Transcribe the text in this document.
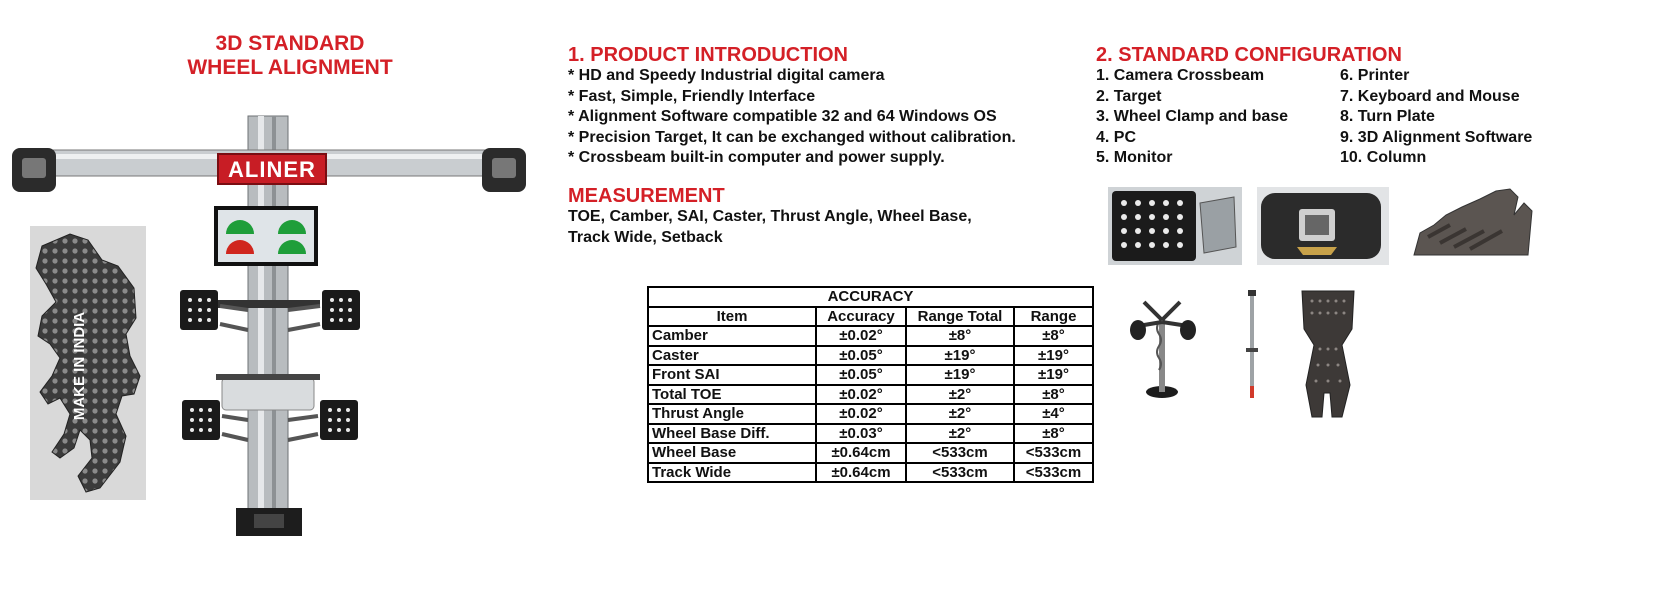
3D STANDARD
WHEEL ALIGNMENT
MAKE IN INDIA
ALINER
1. PRODUCT INTRODUCTION
* HD and Speedy Industrial digital camera
* Fast, Simple, Friendly Interface
* Alignment Software compatible 32 and 64 Windows OS
* Precision Target, It can be exchanged without calibration.
* Crossbeam built-in computer and power supply.
MEASUREMENT
TOE, Camber, SAI, Caster, Thrust Angle, Wheel Base,
Track Wide, Setback
ACCURACY			
Item	Accuracy	Range Total	Range
Camber	±0.02°	±8°	±8°
Caster	±0.05°	±19°	±19°
Front SAI	±0.05°	±19°	±19°
Total TOE	±0.02°	±2°	±8°
Thrust Angle	±0.02°	±2°	±4°
Wheel Base Diff.	±0.03°	±2°	±8°
Wheel Base	±0.64cm	<533cm	<533cm
Track Wide	±0.64cm	<533cm	<533cm
2. STANDARD CONFIGURATION
1. Camera Crossbeam
2. Target
3. Wheel Clamp and base
4. PC
5. Monitor
6. Printer
7. Keyboard and Mouse
8. Turn Plate
9. 3D Alignment Software
10. Column
